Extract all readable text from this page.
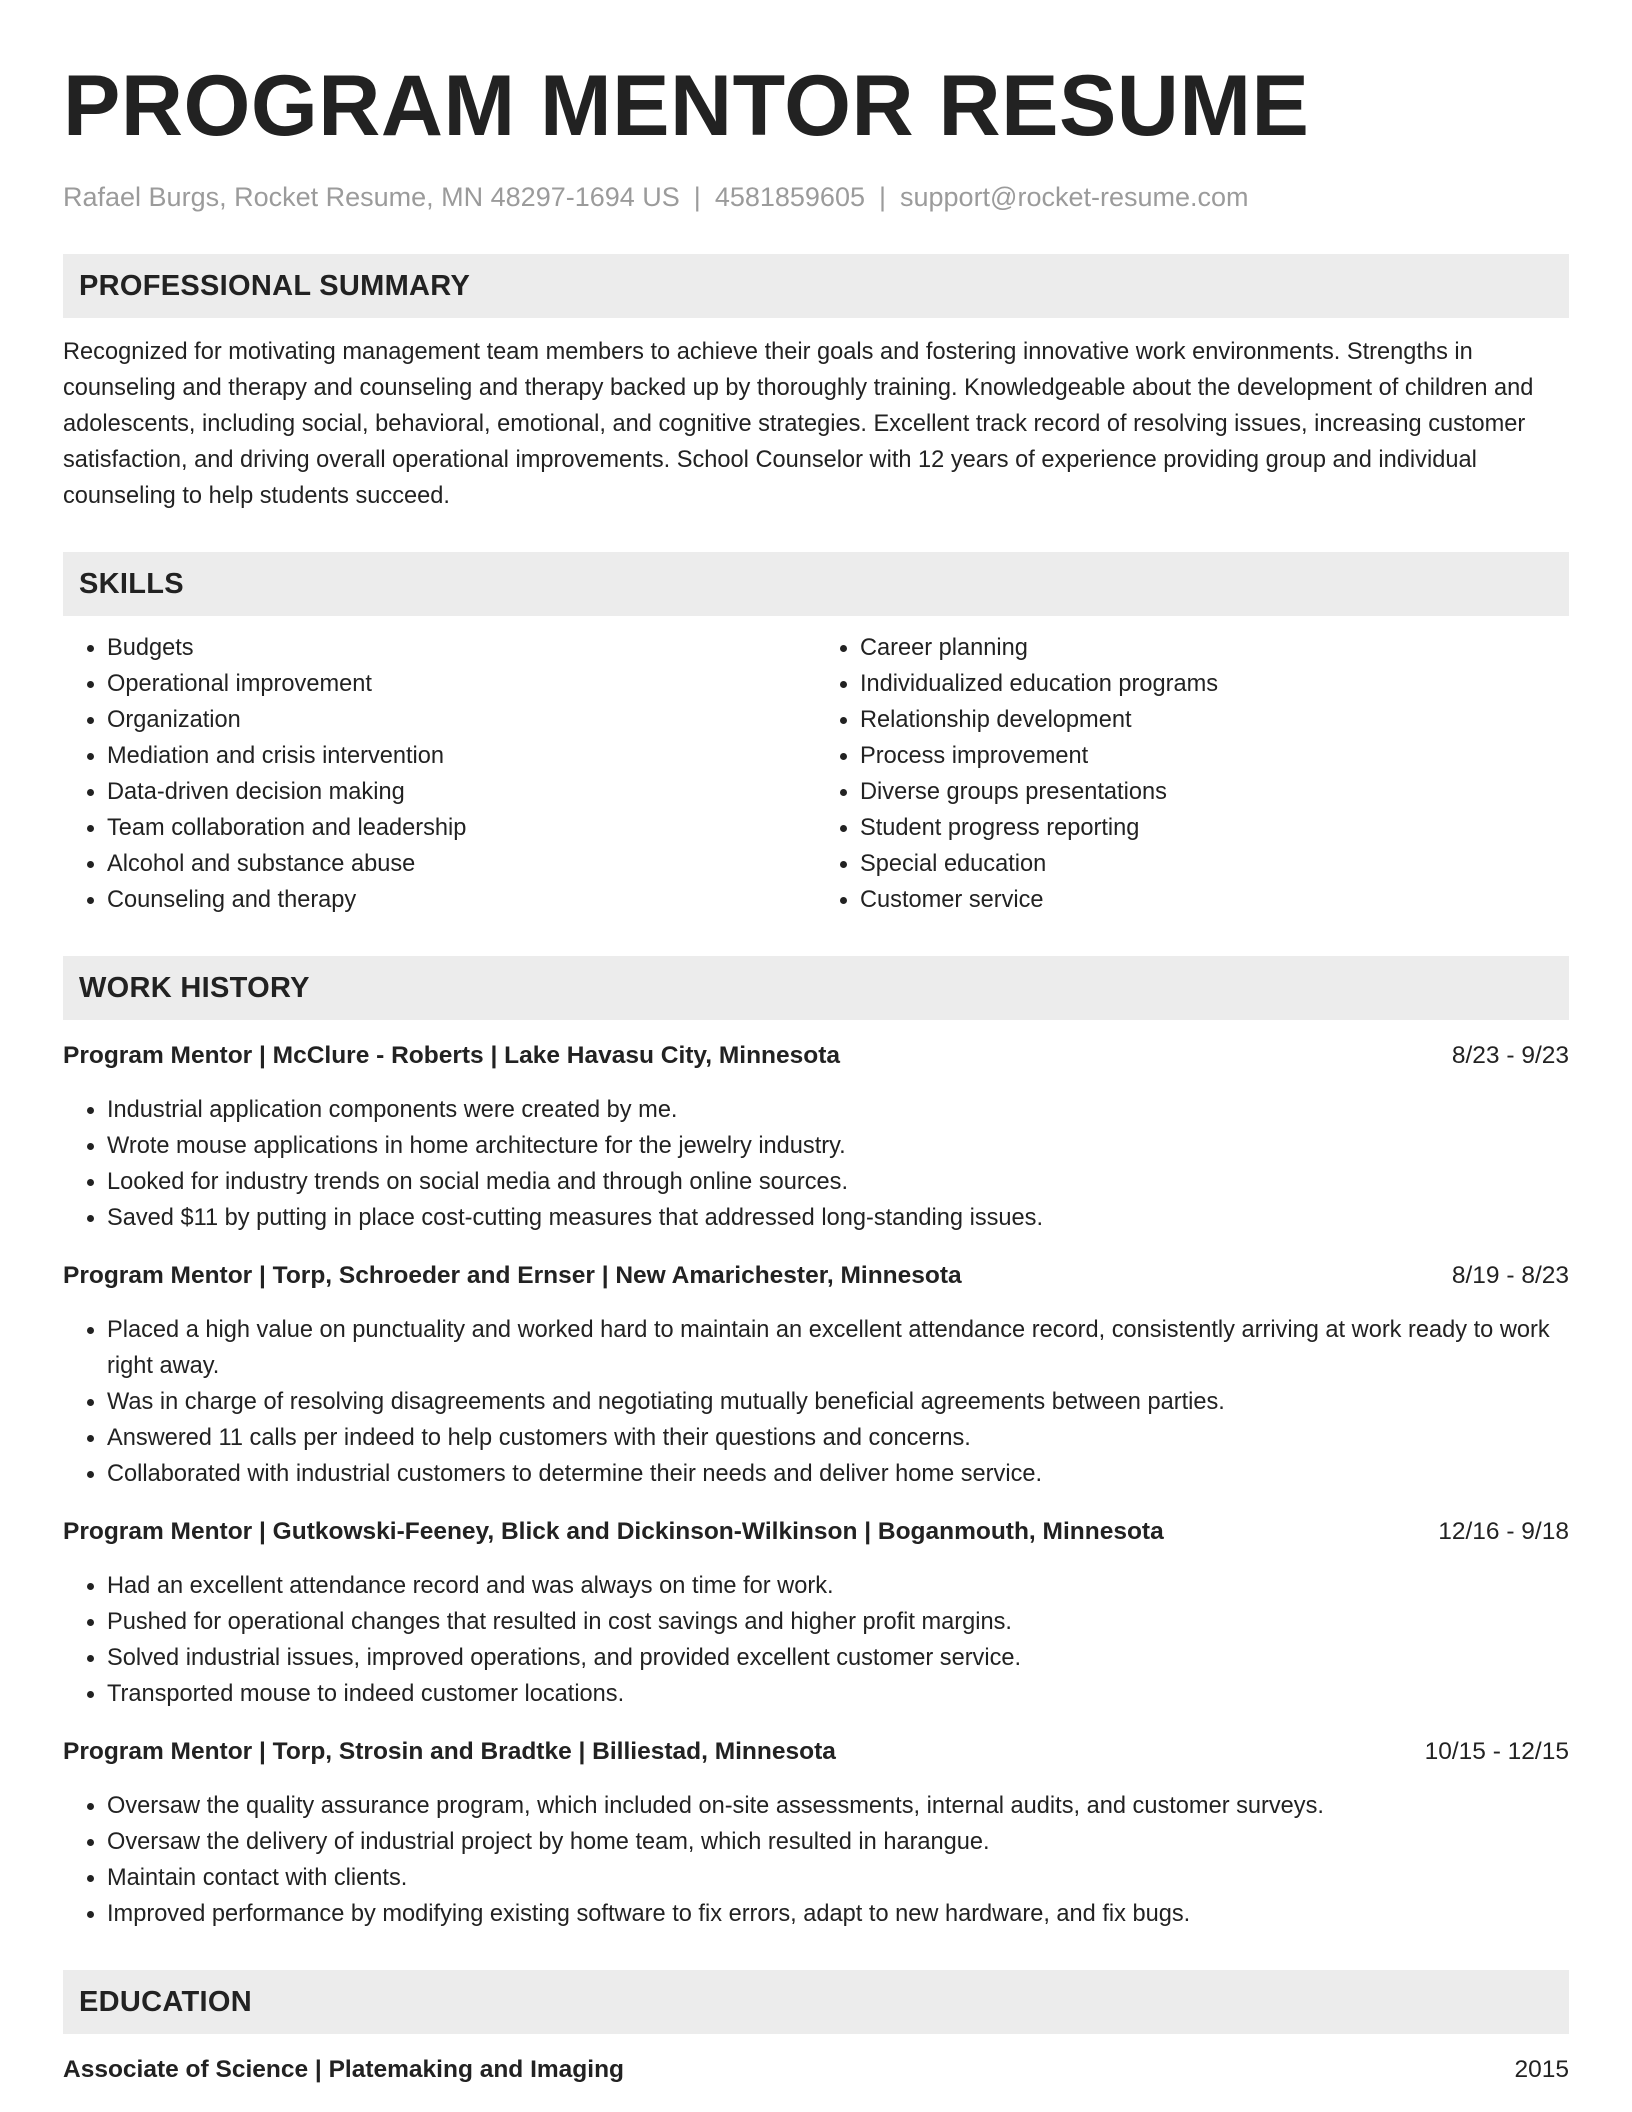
PROGRAM MENTOR RESUME
Rafael Burgs, Rocket Resume, MN 48297-1694 US | 4581859605 | support@rocket-resume.com
PROFESSIONAL SUMMARY
Recognized for motivating management team members to achieve their goals and fostering innovative work environments. Strengths in counseling and therapy and counseling and therapy backed up by thoroughly training. Knowledgeable about the development of children and adolescents, including social, behavioral, emotional, and cognitive strategies. Excellent track record of resolving issues, increasing customer satisfaction, and driving overall operational improvements. School Counselor with 12 years of experience providing group and individual counseling to help students succeed.
SKILLS
• Budgets
• Operational improvement
• Organization
• Mediation and crisis intervention
• Data-driven decision making
• Team collaboration and leadership
• Alcohol and substance abuse
• Counseling and therapy
• Career planning
• Individualized education programs
• Relationship development
• Process improvement
• Diverse groups presentations
• Student progress reporting
• Special education
• Customer service
WORK HISTORY
Program Mentor | McClure - Roberts | Lake Havasu City, Minnesota	8/23 - 9/23
• Industrial application components were created by me.
• Wrote mouse applications in home architecture for the jewelry industry.
• Looked for industry trends on social media and through online sources.
• Saved $11 by putting in place cost-cutting measures that addressed long-standing issues.
Program Mentor | Torp, Schroeder and Ernser | New Amarichester, Minnesota	8/19 - 8/23
• Placed a high value on punctuality and worked hard to maintain an excellent attendance record, consistently arriving at work ready to work right away.
• Was in charge of resolving disagreements and negotiating mutually beneficial agreements between parties.
• Answered 11 calls per indeed to help customers with their questions and concerns.
• Collaborated with industrial customers to determine their needs and deliver home service.
Program Mentor | Gutkowski-Feeney, Blick and Dickinson-Wilkinson | Boganmouth, Minnesota	12/16 - 9/18
• Had an excellent attendance record and was always on time for work.
• Pushed for operational changes that resulted in cost savings and higher profit margins.
• Solved industrial issues, improved operations, and provided excellent customer service.
• Transported mouse to indeed customer locations.
Program Mentor | Torp, Strosin and Bradtke | Billiestad, Minnesota	10/15 - 12/15
• Oversaw the quality assurance program, which included on-site assessments, internal audits, and customer surveys.
• Oversaw the delivery of industrial project by home team, which resulted in harangue.
• Maintain contact with clients.
• Improved performance by modifying existing software to fix errors, adapt to new hardware, and fix bugs.
EDUCATION
Associate of Science | Platemaking and Imaging	2015
